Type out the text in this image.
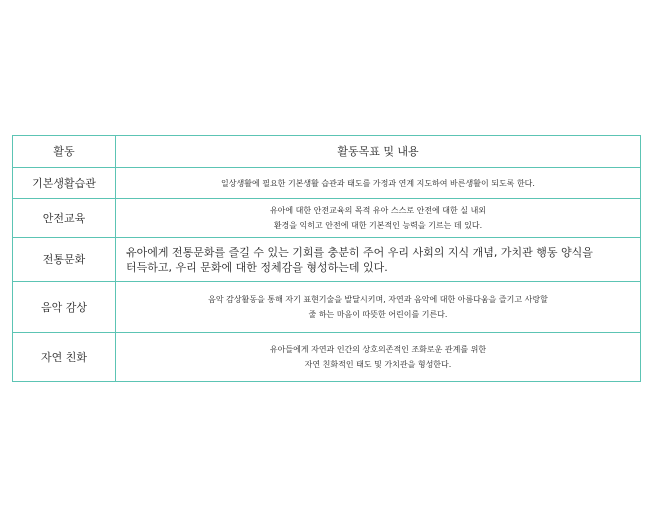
활동	활동목표 및 내용
기본생활습관	일상생활에 필요한 기본생활 습관과 태도를 가정과 연계 지도하여 바른생활이 되도록 한다.

안전교육	유아에 대한 안전교육의 목적 유아 스스로 안전에 대한 실 내외
환경을 익히고 안전에 대한 기본적인 능력을 기르는 데 있다.

전통문화	유아에게 전통문화를 즐길 수 있는 기회를 충분히 주어 우리 사회의 지식 개념, 가치관 행동 양식을
터득하고, 우리 문화에 대한 정체감을 형성하는데 있다.

음악 감상	음악 감상활동을 통해 자기 표현기술을 발달시키며, 자연과 음악에 대한 아름다움을 즐기고 사랑할
줄 하는 마음이 따뜻한 어린이를 기른다.

자연 친화	유아들에게 자연과 인간의 상호의존적인 조화로운 관계를 위한
자연 친화적인 태도 및 가치관을 형성한다.
